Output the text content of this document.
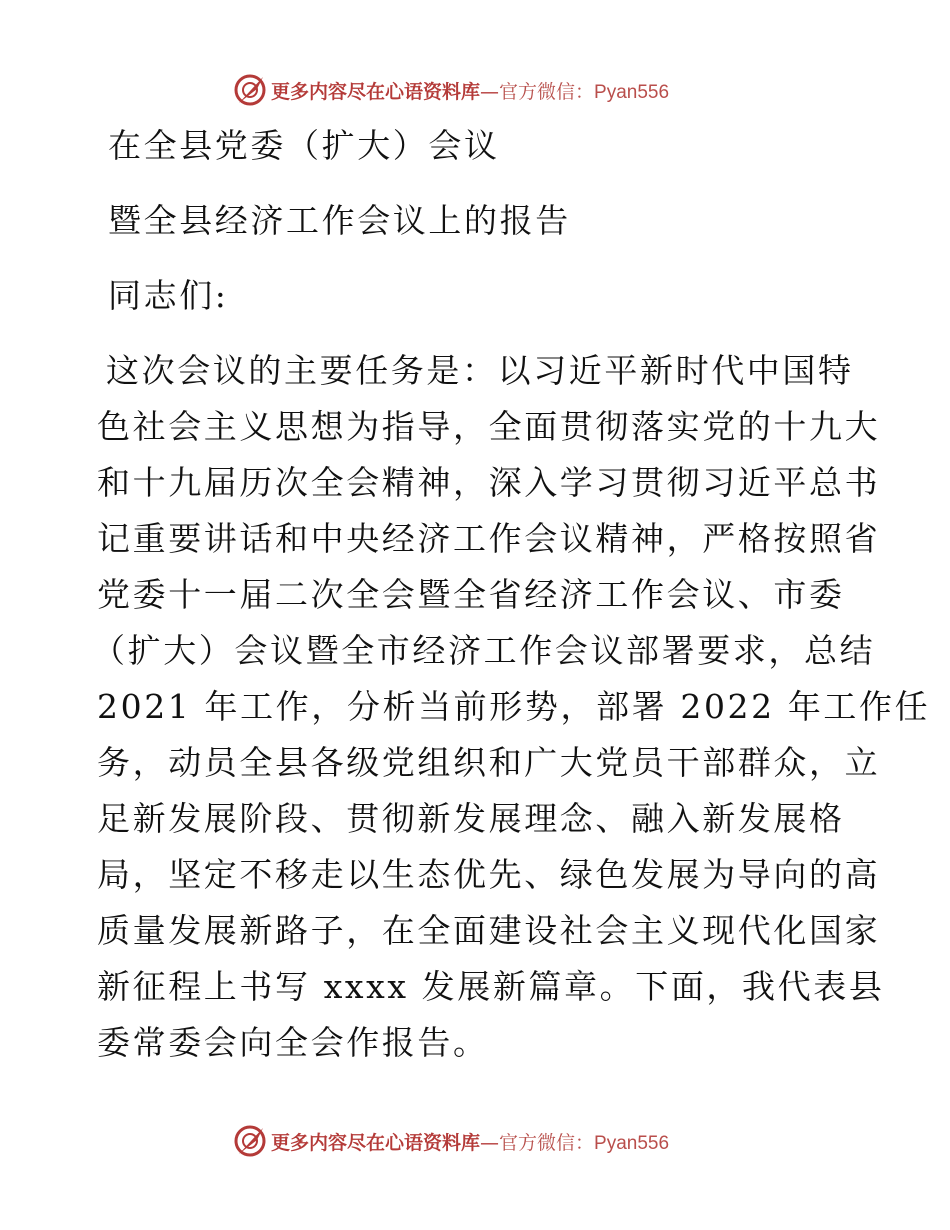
更多内容尽在心语资料库—官方微信：Pyan556
在全县党委（扩大）会议
暨全县经济工作会议上的报告
同志们:
这次会议的主要任务是：以习近平新时代中国特
色社会主义思想为指导，全面贯彻落实党的十九大
和十九届历次全会精神，深入学习贯彻习近平总书
记重要讲话和中央经济工作会议精神，严格按照省
党委十一届二次全会暨全省经济工作会议、市委
（扩大）会议暨全市经济工作会议部署要求，总结
2021 年工作，分析当前形势，部署 2022 年工作任
务，动员全县各级党组织和广大党员干部群众，立
足新发展阶段、贯彻新发展理念、融入新发展格
局，坚定不移走以生态优先、绿色发展为导向的高
质量发展新路子，在全面建设社会主义现代化国家
新征程上书写 xxxx 发展新篇章。下面，我代表县
委常委会向全会作报告。
更多内容尽在心语资料库—官方微信：Pyan556
